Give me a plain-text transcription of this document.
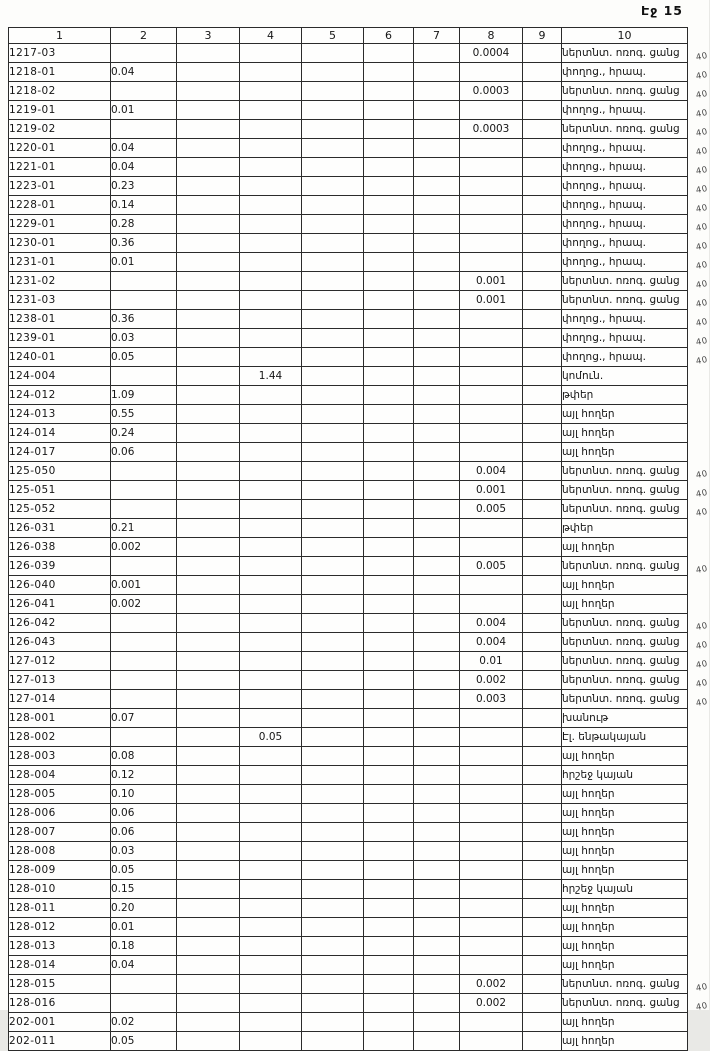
Էջ 15
1	2	3	4	5	6	7	8	9	10
1217-03							0.0004		ներտնտ. ոռոգ. ցանց 40

1218-01	0.04								փողոց., հրապ. 40

1218-02							0.0003		ներտնտ. ոռոգ. ցանց 40

1219-01	0.01								փողոց., հրապ. 40

1219-02							0.0003		ներտնտ. ոռոգ. ցանց 40

1220-01	0.04								փողոց., հրապ. 40

1221-01	0.04								փողոց., հրապ. 40

1223-01	0.23								փողոց., հրապ. 40

1228-01	0.14								փողոց., հրապ. 40

1229-01	0.28								փողոց., հրապ. 40

1230-01	0.36								փողոց., հրապ. 40

1231-01	0.01								փողոց., հրապ. 40

1231-02							0.001		ներտնտ. ոռոգ. ցանց 40

1231-03							0.001		ներտնտ. ոռոգ. ցանց 40

1238-01	0.36								փողոց., հրապ. 40

1239-01	0.03								փողոց., հրապ. 40

1240-01	0.05								փողոց., հրապ. 40

124-004			1.44						կոմուն.
124-012	1.09								թփեր
124-013	0.55								այլ հողեր
124-014	0.24								այլ հողեր
124-017	0.06								այլ հողեր
125-050							0.004		ներտնտ. ոռոգ. ցանց 40

125-051							0.001		ներտնտ. ոռոգ. ցանց 40

125-052							0.005		ներտնտ. ոռոգ. ցանց 40

126-031	0.21								թփեր
126-038	0.002								այլ հողեր
126-039							0.005		ներտնտ. ոռոգ. ցանց 40

126-040	0.001								այլ հողեր
126-041	0.002								այլ հողեր
126-042							0.004		ներտնտ. ոռոգ. ցանց 40

126-043							0.004		ներտնտ. ոռոգ. ցանց 40

127-012							0.01		ներտնտ. ոռոգ. ցանց 40

127-013							0.002		ներտնտ. ոռոգ. ցանց 40

127-014							0.003		ներտնտ. ոռոգ. ցանց 40

128-001	0.07								խանութ
128-002			0.05						Էլ. ենթակայան
128-003	0.08								այլ հողեր
128-004	0.12								հրշեջ կայան
128-005	0.10								այլ հողեր
128-006	0.06								այլ հողեր
128-007	0.06								այլ հողեր
128-008	0.03								այլ հողեր
128-009	0.05								այլ հողեր
128-010	0.15								հրշեջ կայան
128-011	0.20								այլ հողեր
128-012	0.01								այլ հողեր
128-013	0.18								այլ հողեր
128-014	0.04								այլ հողեր
128-015							0.002		ներտնտ. ոռոգ. ցանց 40

128-016							0.002		ներտնտ. ոռոգ. ցանց 40

202-001	0.02								այլ հողեր
202-011	0.05								այլ հողեր
